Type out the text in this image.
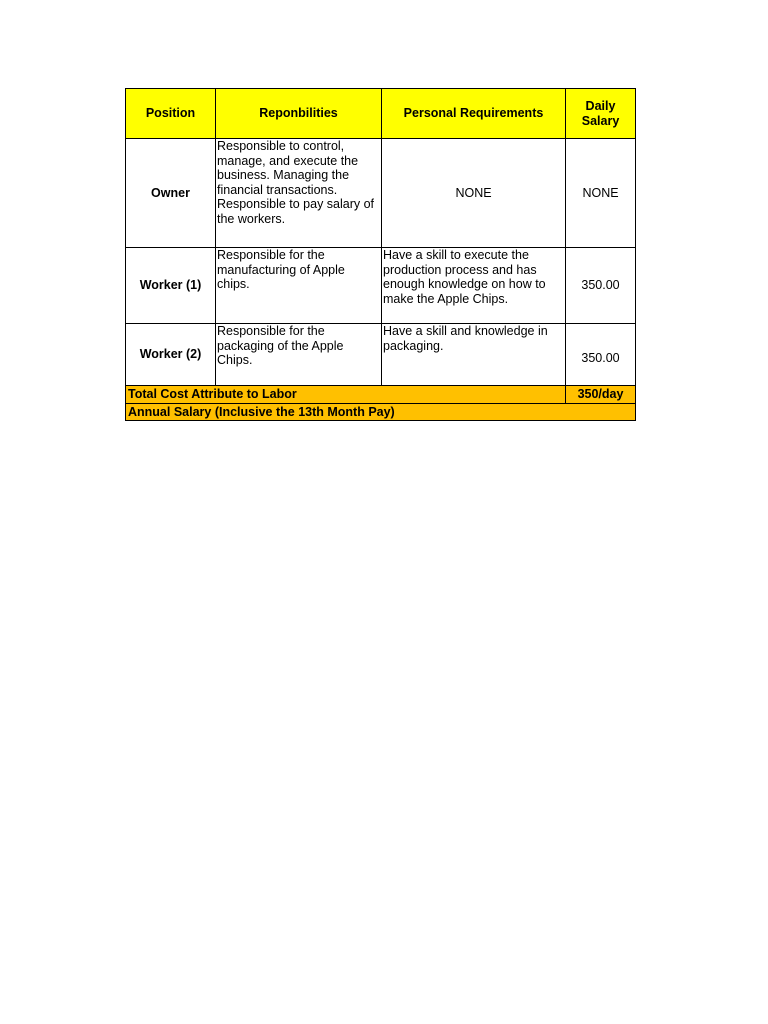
Position	Reponbilities	Personal Requirements	Daily Salary
Owner	Responsible to control, manage, and execute the business. Managing the financial transactions. Responsible to pay salary of the workers.	NONE	NONE
Worker (1)	Responsible for the manufacturing of Apple chips.	Have a skill to execute the production process and has enough knowledge on how to make the Apple Chips.	350.00
Worker (2)	Responsible for the packaging of the Apple Chips.	Have a skill and knowledge in packaging.	350.00
Total Cost Attribute to Labor			350/day
Annual Salary (Inclusive the 13th Month Pay)			
